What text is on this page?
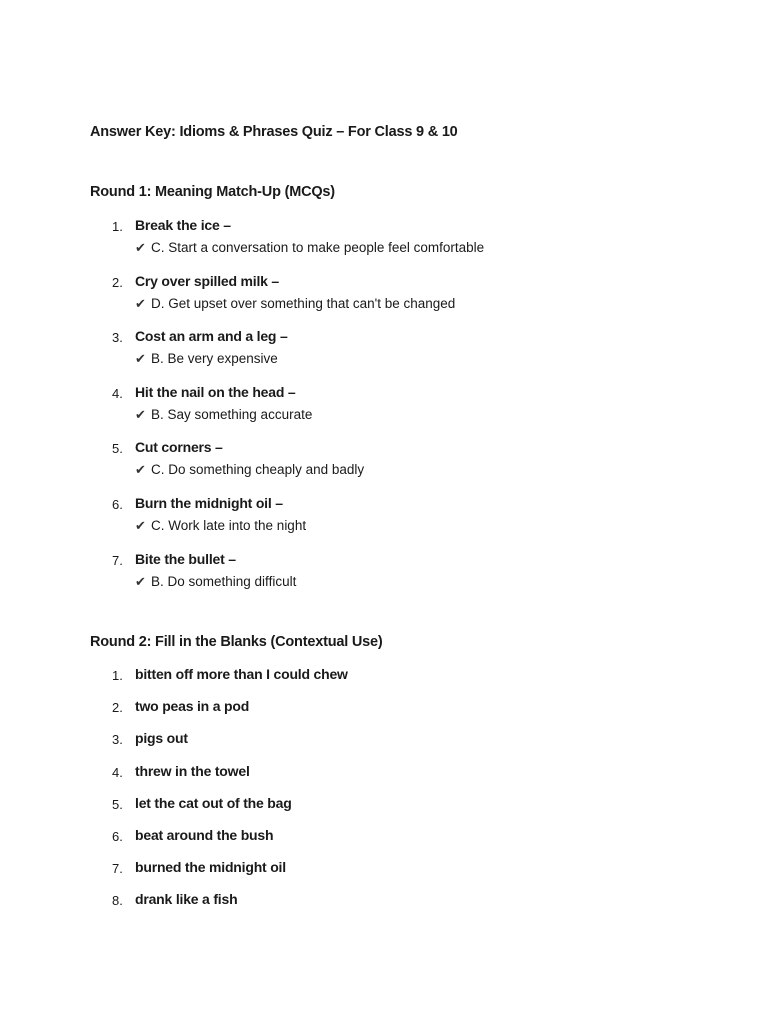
Answer Key: Idioms & Phrases Quiz – For Class 9 & 10
Round 1: Meaning Match-Up (MCQs)
1. Break the ice –
✔ C. Start a conversation to make people feel comfortable
2. Cry over spilled milk –
✔ D. Get upset over something that can't be changed
3. Cost an arm and a leg –
✔ B. Be very expensive
4. Hit the nail on the head –
✔ B. Say something accurate
5. Cut corners –
✔ C. Do something cheaply and badly
6. Burn the midnight oil –
✔ C. Work late into the night
7. Bite the bullet –
✔ B. Do something difficult
Round 2: Fill in the Blanks (Contextual Use)
1. bitten off more than I could chew
2. two peas in a pod
3. pigs out
4. threw in the towel
5. let the cat out of the bag
6. beat around the bush
7. burned the midnight oil
8. drank like a fish
